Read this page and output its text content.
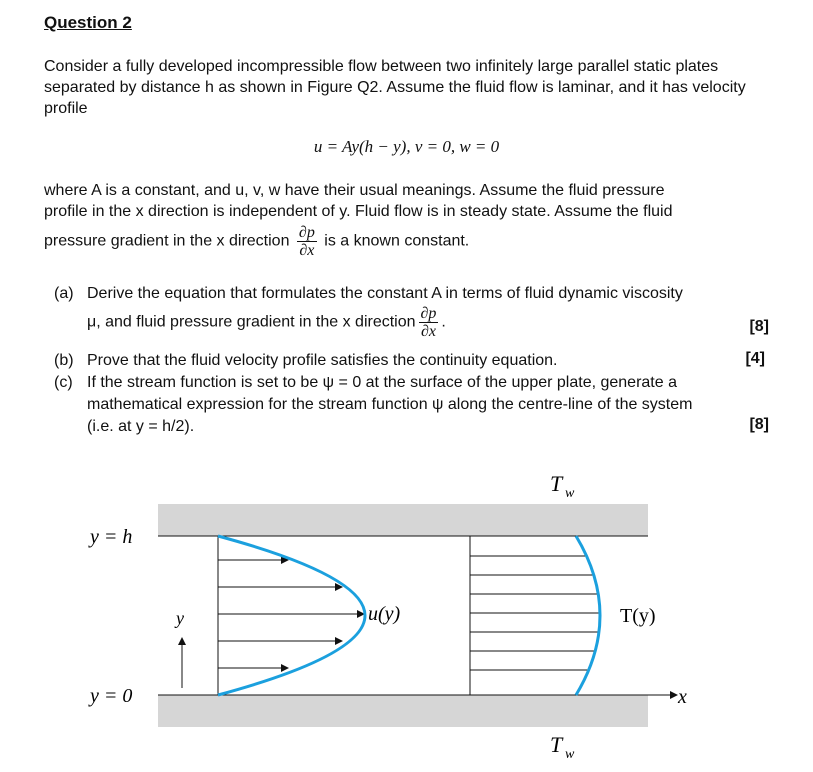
Question 2
Consider a fully developed incompressible flow between two infinitely large parallel static plates separated by distance h as shown in Figure Q2. Assume the fluid flow is laminar, and it has velocity profile
u = Ay(h − y), v = 0, w = 0
where A is a constant, and u, v, w have their usual meanings. Assume the fluid pressure
profile in the x direction is independent of y. Fluid flow is in steady state. Assume the fluid
pressure gradient in the x direction $\frac{\partial p}{\partial x}$ is a known constant.
(a) Derive the equation that formulates the constant A in terms of fluid dynamic viscosity
μ, and fluid pressure gradient in the x direction $\frac{\partial p}{\partial x}$ .	[8]
(b) Prove that the fluid velocity profile satisfies the continuity equation.	[4]
(c) If the stream function is set to be ψ = 0 at the surface of the upper plate, generate a
mathematical expression for the stream function ψ along the centre-line of the system
(i.e. at y = h/2).	[8]
y = h
y = 0
y	u(y)	T(y)
x
T w
T w
